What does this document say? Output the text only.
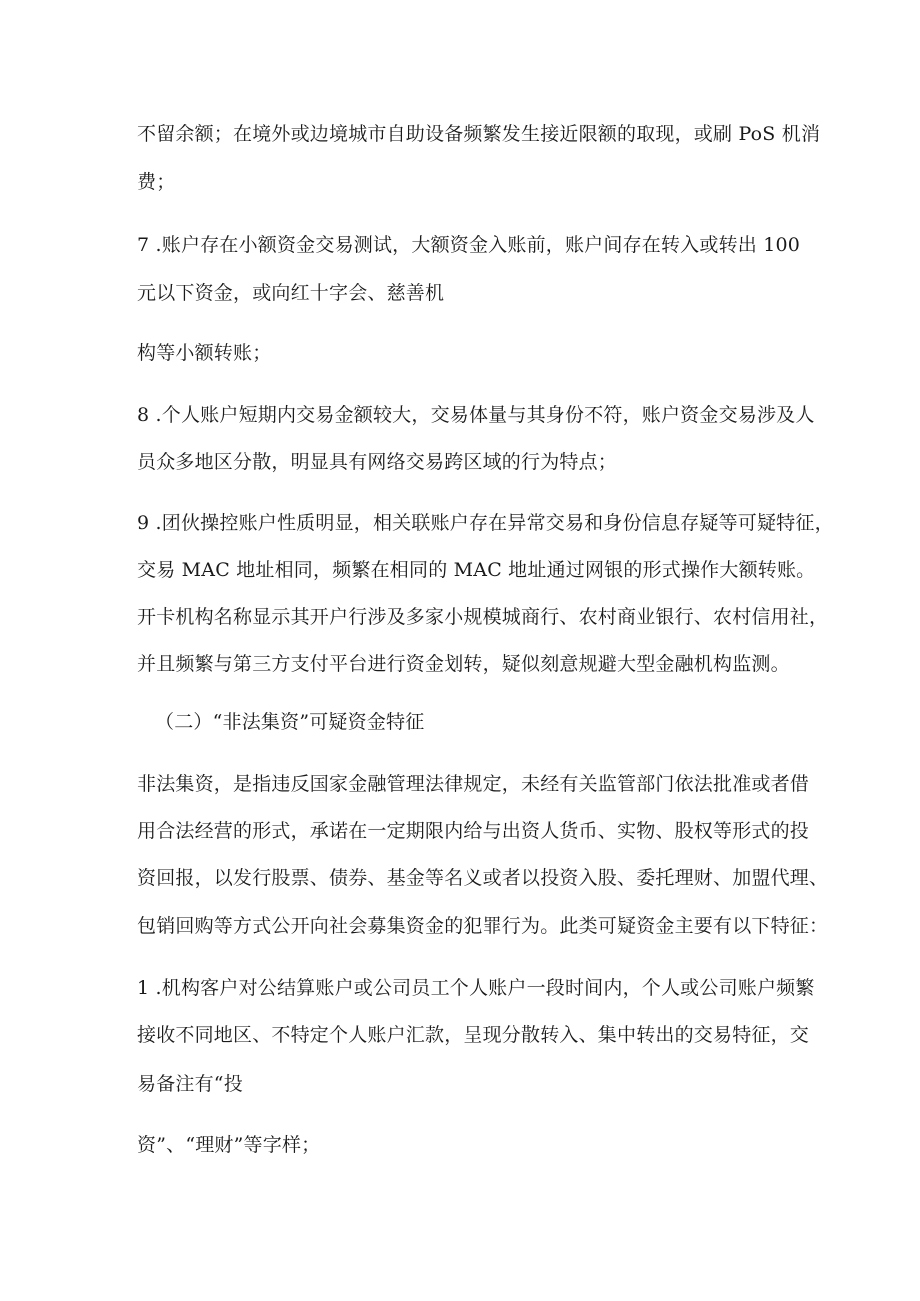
不留余额；在境外或边境城市自助设备频繁发生接近限额的取现，或刷 PoS 机消
费；
7 .账户存在小额资金交易测试，大额资金入账前，账户间存在转入或转出 100
元以下资金，或向红十字会、慈善机
构等小额转账；
8 .个人账户短期内交易金额较大，交易体量与其身份不符，账户资金交易涉及人
员众多地区分散，明显具有网络交易跨区域的行为特点；
9 .团伙操控账户性质明显，相关联账户存在异常交易和身份信息存疑等可疑特征，
交易 MAC 地址相同，频繁在相同的 MAC 地址通过网银的形式操作大额转账。
开卡机构名称显示其开户行涉及多家小规模城商行、农村商业银行、农村信用社，
并且频繁与第三方支付平台进行资金划转，疑似刻意规避大型金融机构监测。
（二）“非法集资”可疑资金特征
非法集资，是指违反国家金融管理法律规定，未经有关监管部门依法批准或者借
用合法经营的形式，承诺在一定期限内给与出资人货币、实物、股权等形式的投
资回报，以发行股票、债券、基金等名义或者以投资入股、委托理财、加盟代理、
包销回购等方式公开向社会募集资金的犯罪行为。此类可疑资金主要有以下特征：
1 .机构客户对公结算账户或公司员工个人账户一段时间内，个人或公司账户频繁
接收不同地区、不特定个人账户汇款，呈现分散转入、集中转出的交易特征，交
易备注有“投
资”、“理财”等字样；
